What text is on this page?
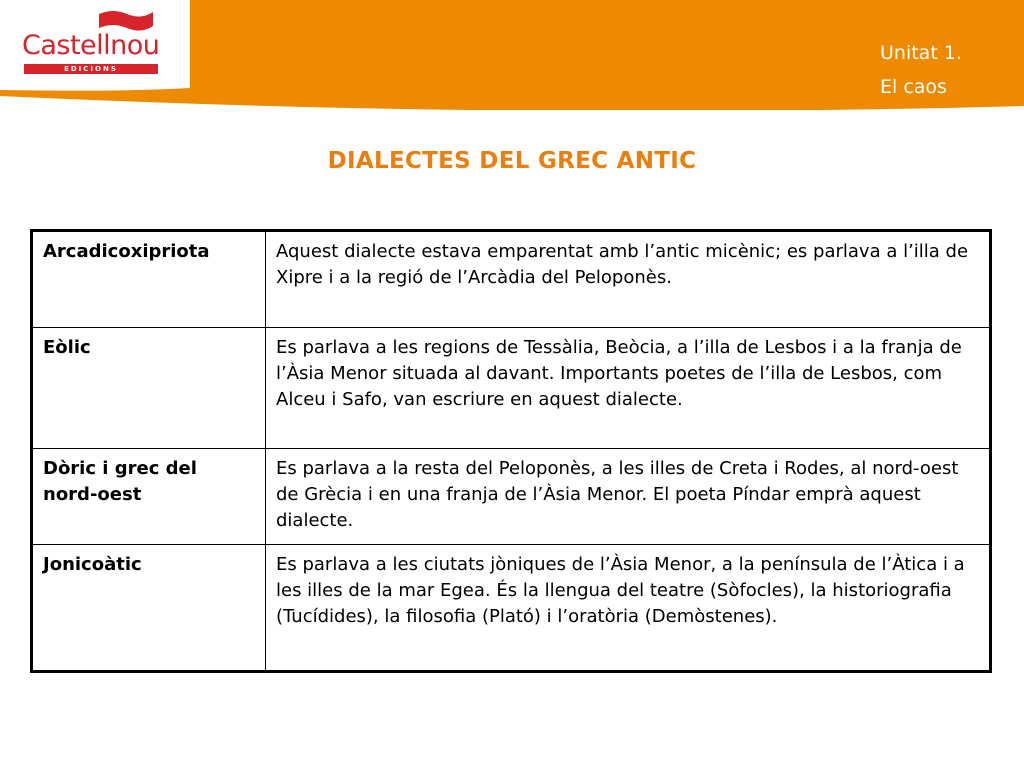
Castellnou
EDICIONS
Unitat 1.
El caos
DIALECTES DEL GREC ANTIC
Arcadicoxipriota	Aquest dialecte estava emparentat amb l’antic micènic; es parlava a l’illa de Xipre i a la regió de l’Arcàdia del Peloponès.
Eòlic	Es parlava a les regions de Tessàlia, Beòcia, a l’illa de Lesbos i a la franja de l’Àsia Menor situada al davant. Importants poetes de l’illa de Lesbos, com Alceu i Safo, van escriure en aquest dialecte.
Dòric i grec del nord-oest	Es parlava a la resta del Peloponès, a les illes de Creta i Rodes, al nord-oest de Grècia i en una franja de l’Àsia Menor. El poeta Píndar emprà aquest dialecte.
Jonicoàtic	Es parlava a les ciutats jòniques de l’Àsia Menor, a la península de l’Àtica i a les illes de la mar Egea. És la llengua del teatre (Sòfocles), la historiografia (Tucídides), la filosofia (Plató) i l’oratòria (Demòstenes).
